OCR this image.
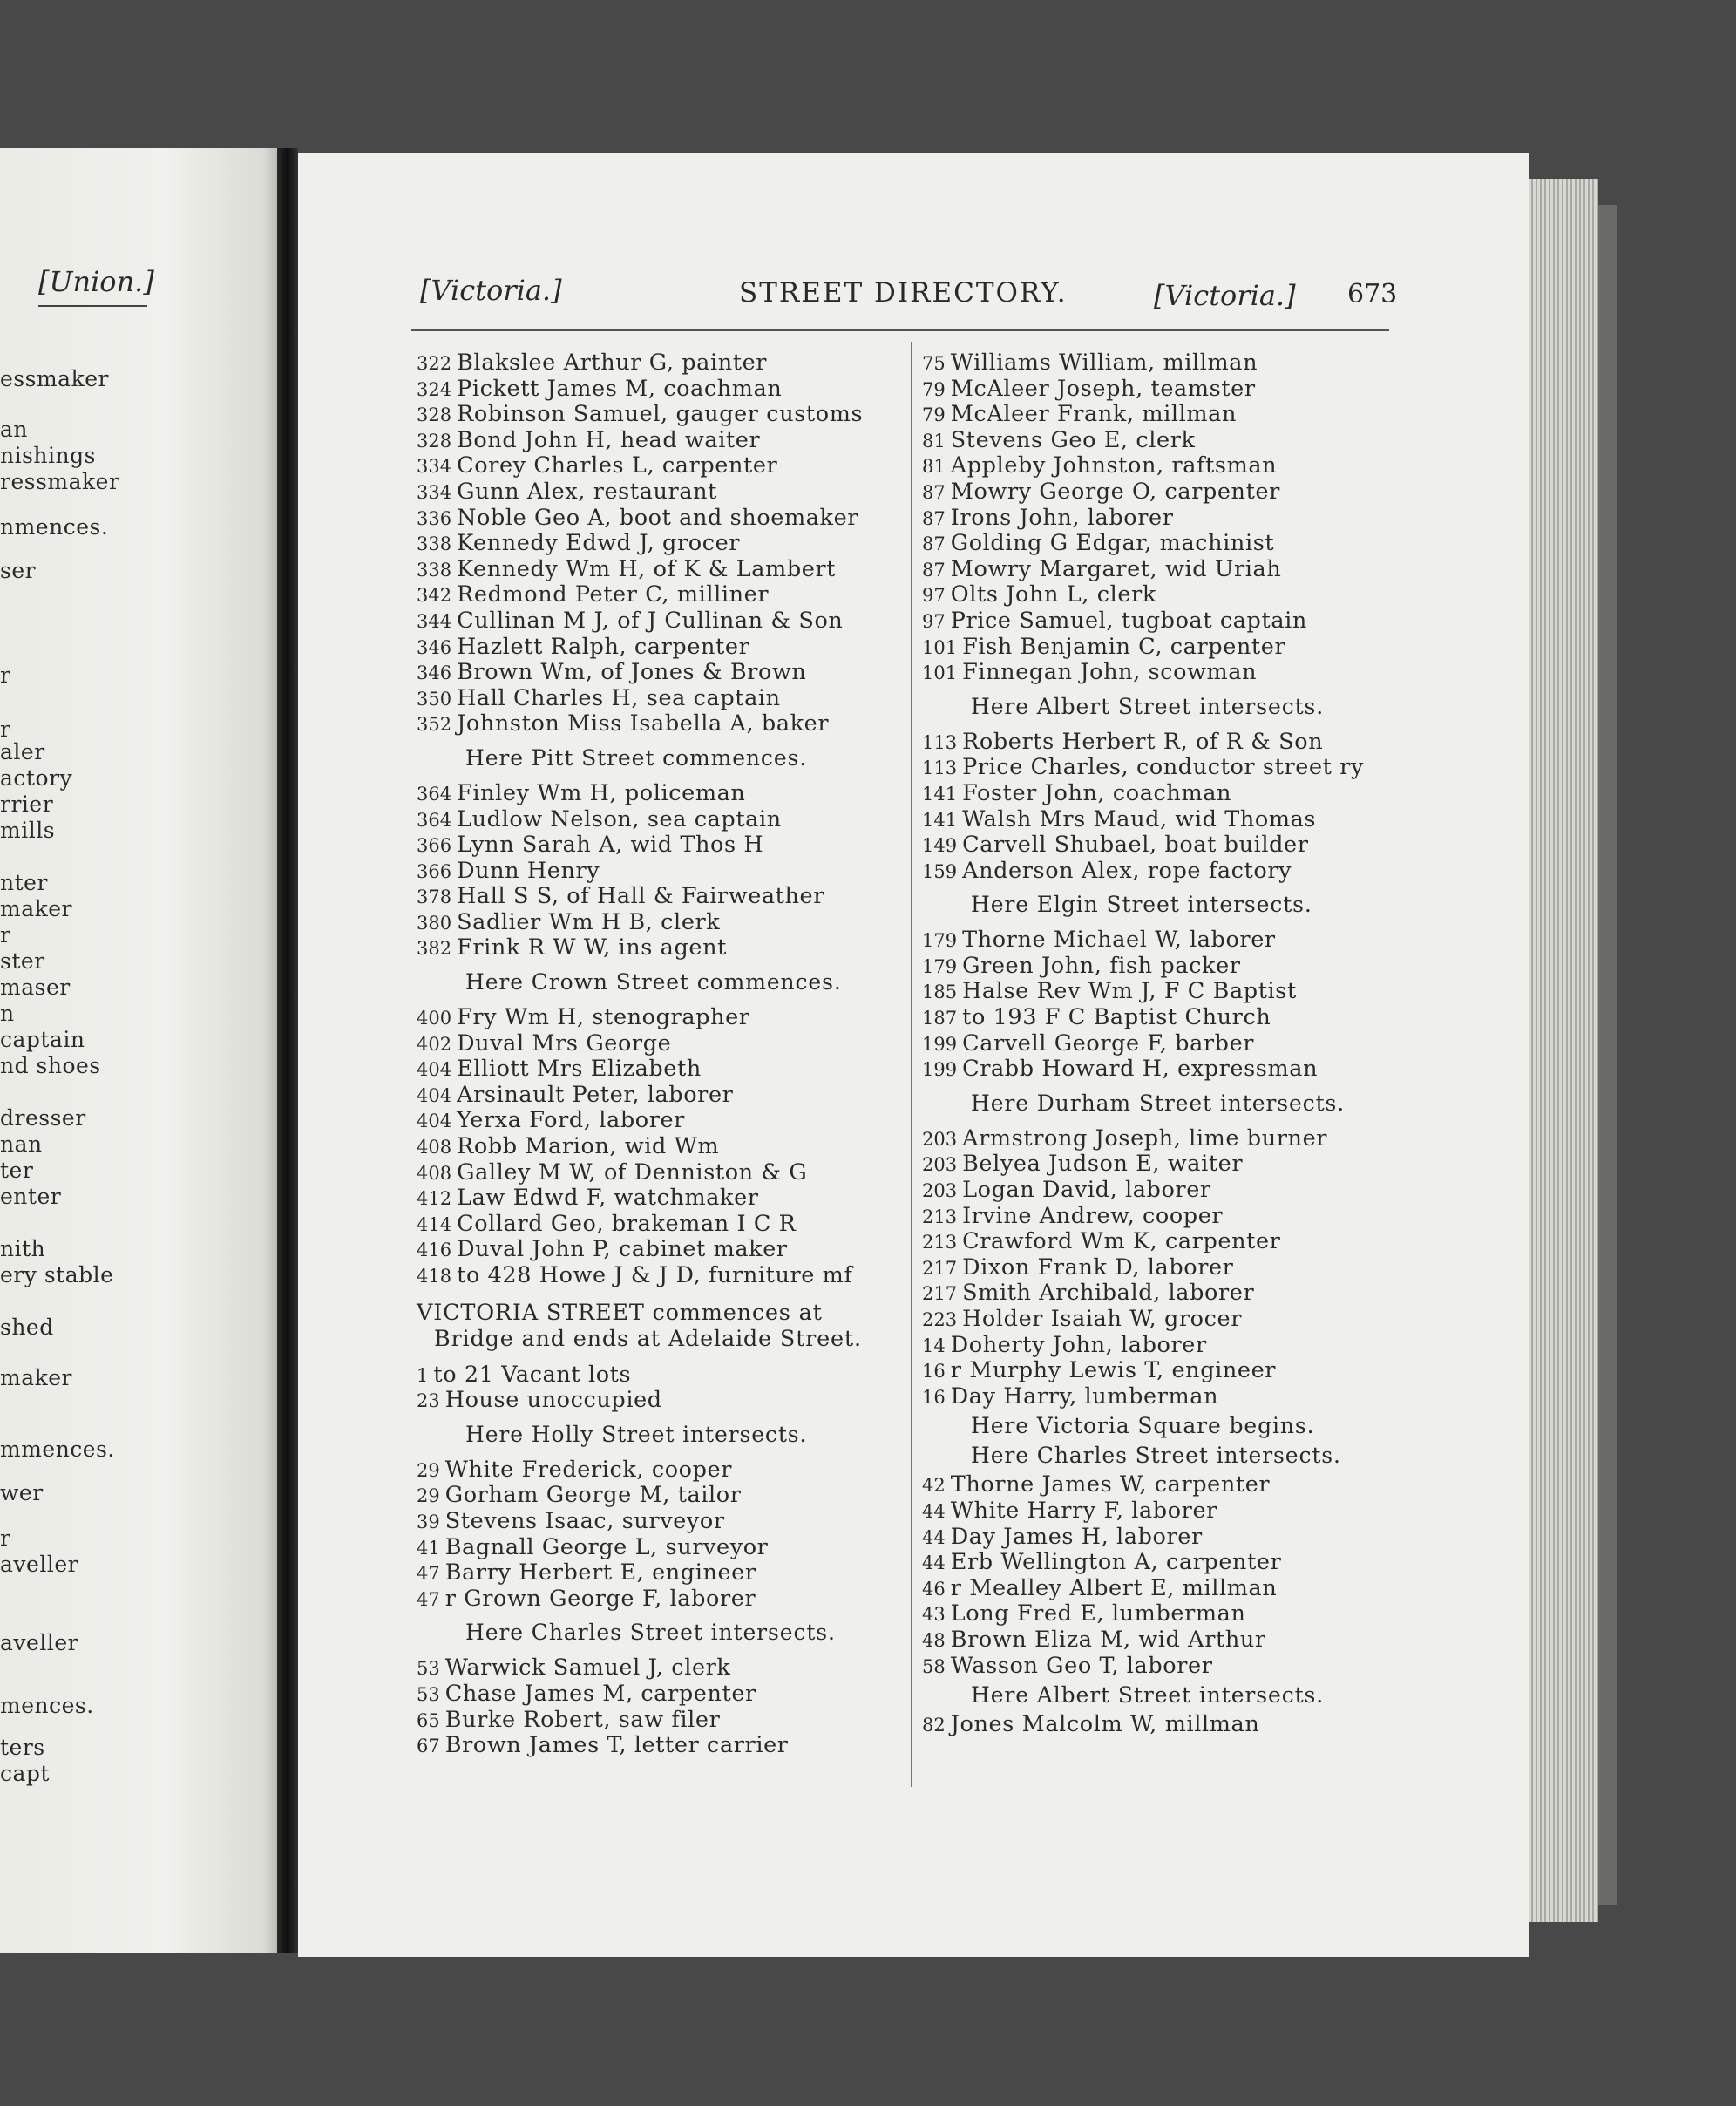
[Union.]
essmaker
an
nishings
ressmaker
nmences.
ser
r
r
aler
actory
rrier
mills
nter
maker
r
ster
maser
n
captain
nd shoes
dresser
nan
ter
enter
nith
ery stable
shed
maker
mmences.
wer
r
aveller
aveller
mences.
ters
capt
[Victoria.]	STREET DIRECTORY.	[Victoria.] 673
322 Blakslee Arthur G, painter
324 Pickett James M, coachman
328 Robinson Samuel, gauger customs
328 Bond John H, head waiter
334 Corey Charles L, carpenter
334 Gunn Alex, restaurant
336 Noble Geo A, boot and shoemaker
338 Kennedy Edwd J, grocer
338 Kennedy Wm H, of K & Lambert
342 Redmond Peter C, milliner
344 Cullinan M J, of J Cullinan & Son
346 Hazlett Ralph, carpenter
346 Brown Wm, of Jones & Brown
350 Hall Charles H, sea captain
352 Johnston Miss Isabella A, baker
Here Pitt Street commences.
364 Finley Wm H, policeman
364 Ludlow Nelson, sea captain
366 Lynn Sarah A, wid Thos H
366 Dunn Henry
378 Hall S S, of Hall & Fairweather
380 Sadlier Wm H B, clerk
382 Frink R W W, ins agent
Here Crown Street commences.
400 Fry Wm H, stenographer
402 Duval Mrs George
404 Elliott Mrs Elizabeth
404 Arsinault Peter, laborer
404 Yerxa Ford, laborer
408 Robb Marion, wid Wm
408 Galley M W, of Denniston & G
412 Law Edwd F, watchmaker
414 Collard Geo, brakeman I C R
416 Duval John P, cabinet maker
418 to 428 Howe J & J D, furniture mf
VICTORIA STREET commences at
Bridge and ends at Adelaide Street.
1 to 21 Vacant lots
23 House unoccupied
Here Holly Street intersects.
29 White Frederick, cooper
29 Gorham George M, tailor
39 Stevens Isaac, surveyor
41 Bagnall George L, surveyor
47 Barry Herbert E, engineer
47 r Grown George F, laborer
Here Charles Street intersects.
53 Warwick Samuel J, clerk
53 Chase James M, carpenter
65 Burke Robert, saw filer
67 Brown James T, letter carrier
75 Williams William, millman
79 McAleer Joseph, teamster
79 McAleer Frank, millman
81 Stevens Geo E, clerk
81 Appleby Johnston, raftsman
87 Mowry George O, carpenter
87 Irons John, laborer
87 Golding G Edgar, machinist
87 Mowry Margaret, wid Uriah
97 Olts John L, clerk
97 Price Samuel, tugboat captain
101 Fish Benjamin C, carpenter
101 Finnegan John, scowman
Here Albert Street intersects.
113 Roberts Herbert R, of R & Son
113 Price Charles, conductor street ry
141 Foster John, coachman
141 Walsh Mrs Maud, wid Thomas
149 Carvell Shubael, boat builder
159 Anderson Alex, rope factory
Here Elgin Street intersects.
179 Thorne Michael W, laborer
179 Green John, fish packer
185 Halse Rev Wm J, F C Baptist
187 to 193 F C Baptist Church
199 Carvell George F, barber
199 Crabb Howard H, expressman
Here Durham Street intersects.
203 Armstrong Joseph, lime burner
203 Belyea Judson E, waiter
203 Logan David, laborer
213 Irvine Andrew, cooper
213 Crawford Wm K, carpenter
217 Dixon Frank D, laborer
217 Smith Archibald, laborer
223 Holder Isaiah W, grocer
14 Doherty John, laborer
16 r Murphy Lewis T, engineer
16 Day Harry, lumberman
Here Victoria Square begins.
Here Charles Street intersects.
42 Thorne James W, carpenter
44 White Harry F, laborer
44 Day James H, laborer
44 Erb Wellington A, carpenter
46 r Mealley Albert E, millman
43 Long Fred E, lumberman
48 Brown Eliza M, wid Arthur
58 Wasson Geo T, laborer
Here Albert Street intersects.
82 Jones Malcolm W, millman
